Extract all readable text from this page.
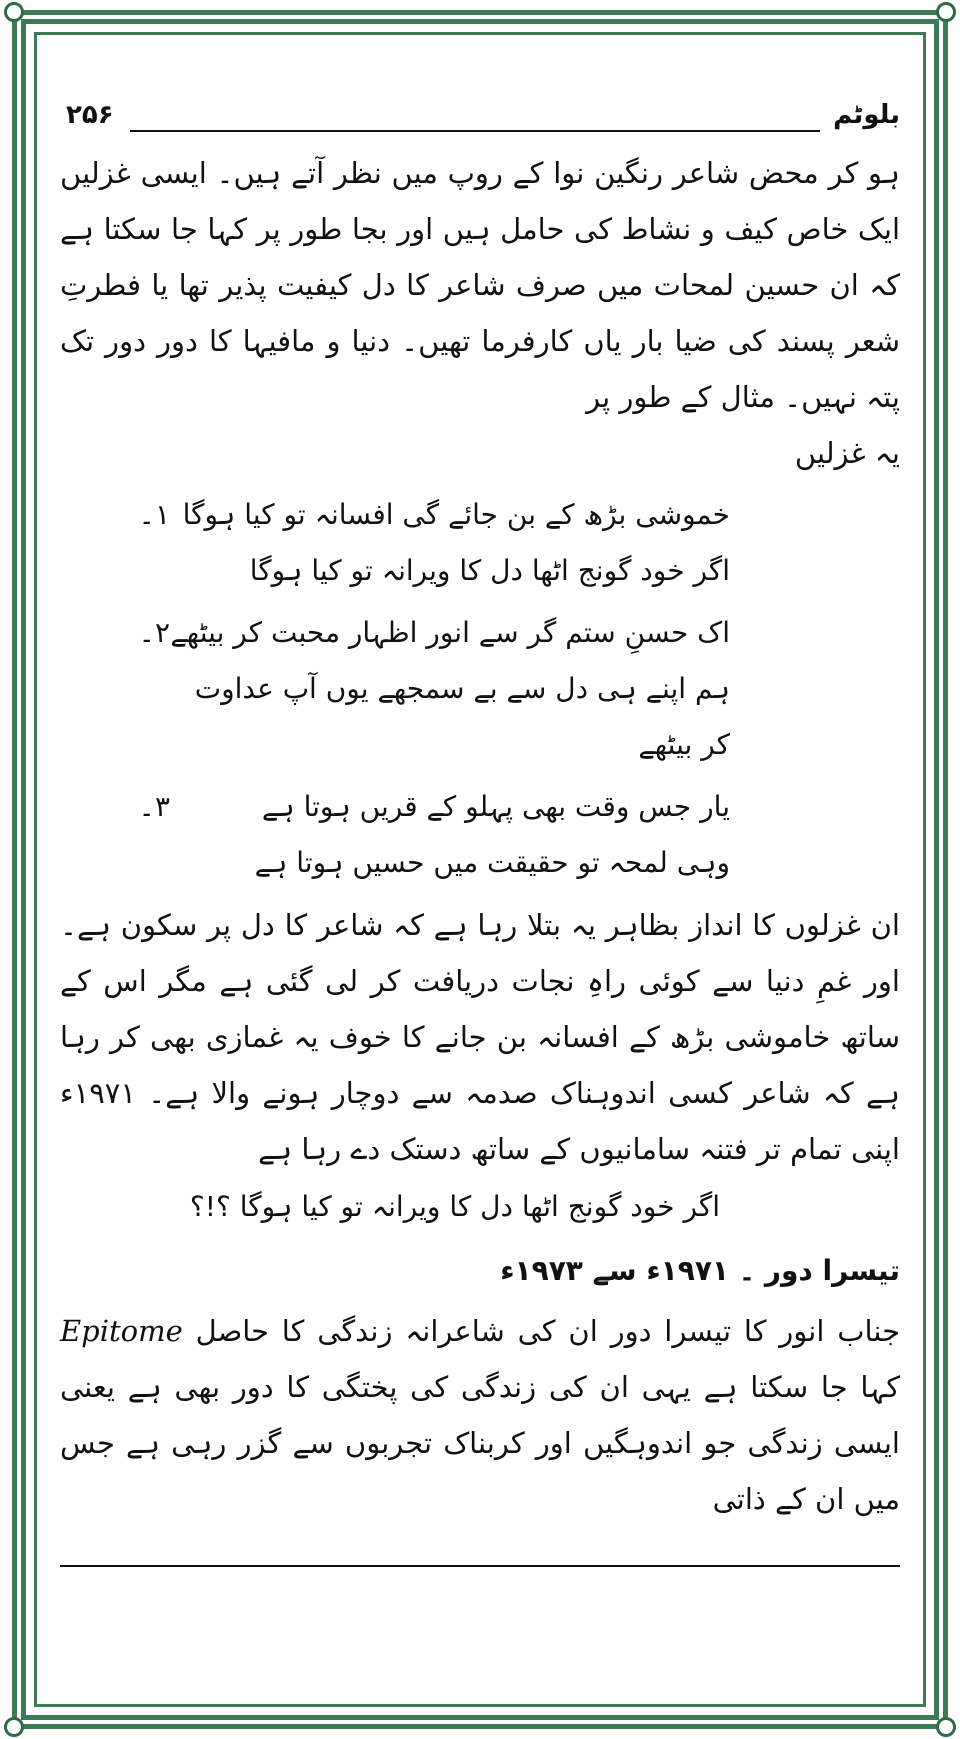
بلوٹم
۲۵۶

ہو کر محض شاعر رنگین نوا کے روپ میں نظر آتے ہیں۔ ایسی غزلیں ایک خاص کیف و نشاط کی حامل ہیں اور بجا طور پر کہا جا سکتا ہے کہ ان حسین لمحات میں صرف شاعر کا دل کیفیت پذیر تھا یا فطرتِ شعر پسند کی ضیا بار یاں کارفرما تھیں۔ دنیا و مافیہا کا دور دور تک پتہ نہیں۔ مثال کے طور پر

یہ غزلیں
۱۔ خموشی بڑھ کے بن جائے گی افسانہ تو کیا ہوگا
اگر خود گونج اٹھا دل کا ویرانہ تو کیا ہوگا
۲۔ اک حسنِ ستم گر سے انور اظہار محبت کر بیٹھے
ہم اپنے ہی دل سے بے سمجھے یوں آپ عداوت کر بیٹھے
۳۔	یار جس وقت بھی پہلو کے قریں ہوتا ہے
وہی لمحہ تو حقیقت میں حسیں ہوتا ہے

ان غزلوں کا انداز بظاہر یہ بتلا رہا ہے کہ شاعر کا دل پر سکون ہے۔ اور غمِ دنیا سے کوئی راہِ نجات دریافت کر لی گئی ہے مگر اس کے ساتھ خاموشی بڑھ کے افسانہ بن جانے کا خوف یہ غمازی بھی کر رہا ہے کہ شاعر کسی اندوہناک صدمہ سے دوچار ہونے والا ہے۔ ۱۹۷۱ء اپنی تمام تر فتنہ سامانیوں کے ساتھ دستک دے رہا ہے

اگر خود گونج اٹھا دل کا ویرانہ تو کیا ہوگا ؟!؟
تیسرا دور ۔ ۱۹۷۱ء سے ۱۹۷۳ء

جناب انور کا تیسرا دور ان کی شاعرانہ زندگی کا حاصل Epitome کہا جا سکتا ہے یہی ان کی زندگی کی پختگی کا دور بھی ہے یعنی ایسی زندگی جو اندوہگیں اور کربناک تجربوں سے گزر رہی ہے جس میں ان کے ذاتی
